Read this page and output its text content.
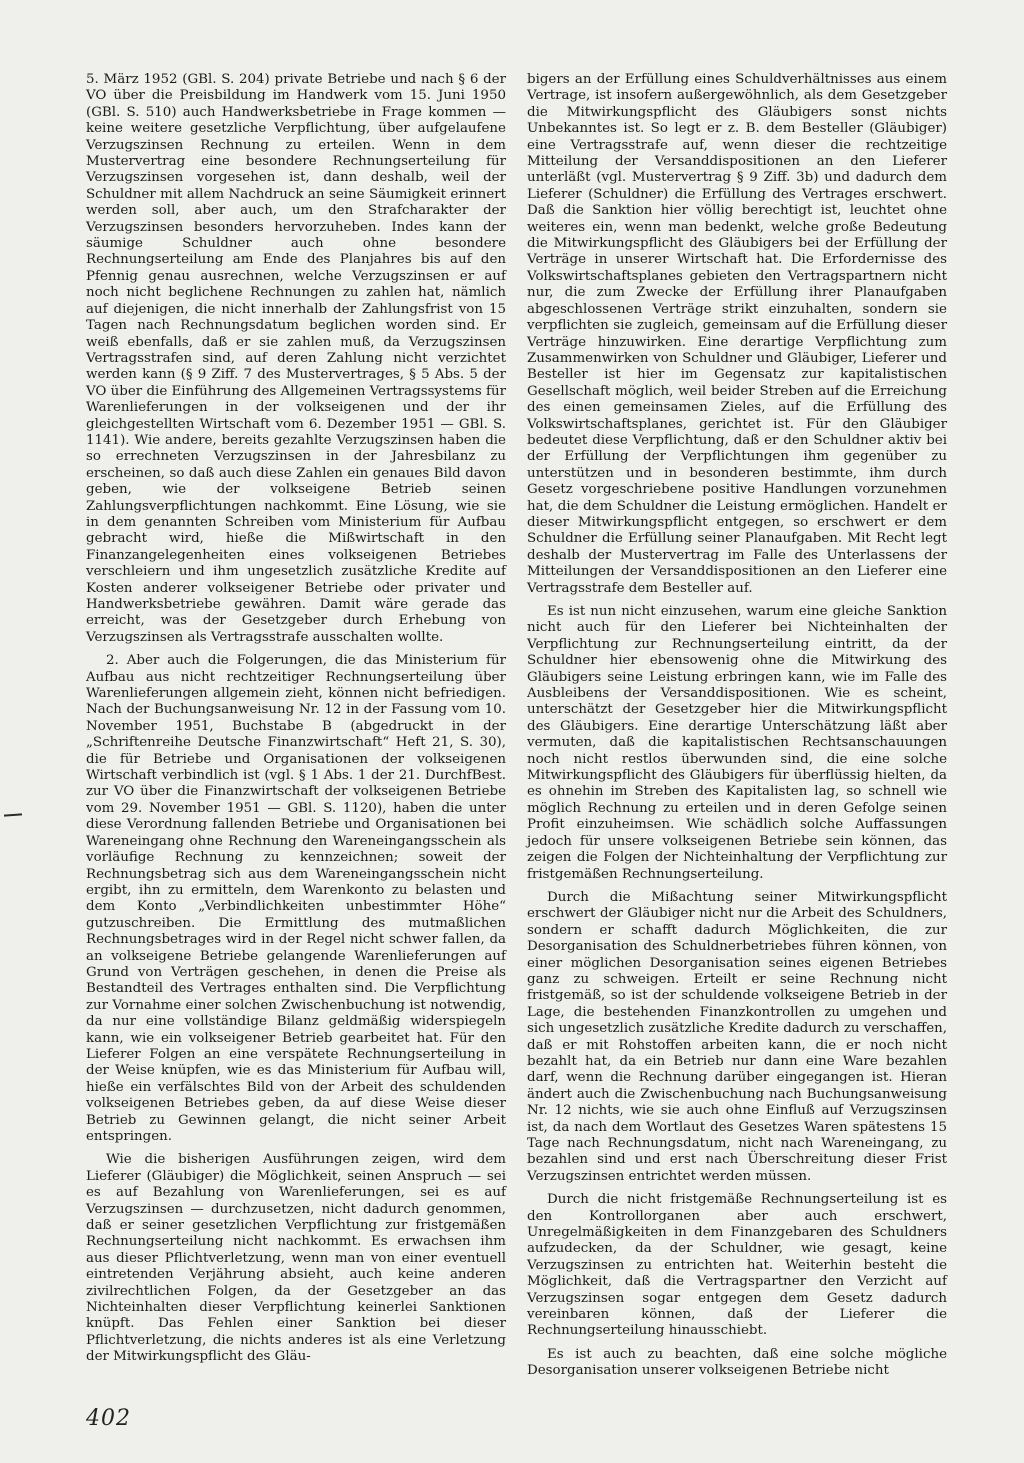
5. März 1952 (GBl. S. 204) private Betriebe und nach § 6 der VO über die Preisbildung im Handwerk vom 15. Juni 1950 (GBl. S. 510) auch Handwerksbetriebe in Frage kommen — keine weitere gesetzliche Verpflichtung, über aufgelaufene Verzugszinsen Rechnung zu erteilen. Wenn in dem Mustervertrag eine besondere Rechnungserteilung für Verzugszinsen vorgesehen ist, dann deshalb, weil der Schuldner mit allem Nachdruck an seine Säumigkeit erinnert werden soll, aber auch, um den Strafcharakter der Verzugszinsen besonders hervorzuheben. Indes kann der säumige Schuldner auch ohne besondere Rechnungserteilung am Ende des Planjahres bis auf den Pfennig genau ausrechnen, welche Verzugszinsen er auf noch nicht beglichene Rechnungen zu zahlen hat, nämlich auf diejenigen, die nicht innerhalb der Zahlungsfrist von 15 Tagen nach Rechnungsdatum beglichen worden sind. Er weiß ebenfalls, daß er sie zahlen muß, da Verzugszinsen Vertragsstrafen sind, auf deren Zahlung nicht verzichtet werden kann (§ 9 Ziff. 7 des Mustervertrages, § 5 Abs. 5 der VO über die Einführung des Allgemeinen Vertragssystems für Warenlieferungen in der volkseigenen und der ihr gleichgestellten Wirtschaft vom 6. Dezember 1951 — GBl. S. 1141). Wie andere, bereits gezahlte Verzugszinsen haben die so errechneten Verzugszinsen in der Jahresbilanz zu erscheinen, so daß auch diese Zahlen ein genaues Bild davon geben, wie der volkseigene Betrieb seinen Zahlungsverpflichtungen nachkommt. Eine Lösung, wie sie in dem genannten Schreiben vom Ministerium für Aufbau gebracht wird, hieße die Mißwirtschaft in den Finanzangelegenheiten eines volkseigenen Betriebes verschleiern und ihm ungesetzlich zusätzliche Kredite auf Kosten anderer volkseigener Betriebe oder privater und Handwerksbetriebe gewähren. Damit wäre gerade das erreicht, was der Gesetzgeber durch Erhebung von Verzugszinsen als Vertragsstrafe ausschalten wollte.

2. Aber auch die Folgerungen, die das Ministerium für Aufbau aus nicht rechtzeitiger Rechnungserteilung über Warenlieferungen allgemein zieht, können nicht befriedigen. Nach der Buchungsanweisung Nr. 12 in der Fassung vom 10. November 1951, Buchstabe B (abgedruckt in der „Schriftenreihe Deutsche Finanzwirtschaft“ Heft 21, S. 30), die für Betriebe und Organisationen der volkseigenen Wirtschaft verbindlich ist (vgl. § 1 Abs. 1 der 21. DurchfBest. zur VO über die Finanzwirtschaft der volkseigenen Betriebe vom 29. November 1951 — GBl. S. 1120), haben die unter diese Verordnung fallenden Betriebe und Organisationen bei Wareneingang ohne Rechnung den Wareneingangsschein als vorläufige Rechnung zu kennzeichnen; soweit der Rechnungsbetrag sich aus dem Wareneingangsschein nicht ergibt, ihn zu ermitteln, dem Warenkonto zu belasten und dem Konto „Verbindlichkeiten unbestimmter Höhe“ gutzuschreiben. Die Ermittlung des mutmaßlichen Rechnungsbetrages wird in der Regel nicht schwer fallen, da an volkseigene Betriebe gelangende Warenlieferungen auf Grund von Verträgen geschehen, in denen die Preise als Bestandteil des Vertrages enthalten sind. Die Verpflichtung zur Vornahme einer solchen Zwischenbuchung ist notwendig, da nur eine vollständige Bilanz geldmäßig widerspiegeln kann, wie ein volkseigener Betrieb gearbeitet hat. Für den Lieferer Folgen an eine verspätete Rechnungserteilung in der Weise knüpfen, wie es das Ministerium für Aufbau will, hieße ein verfälschtes Bild von der Arbeit des schuldenden volkseigenen Betriebes geben, da auf diese Weise dieser Betrieb zu Gewinnen gelangt, die nicht seiner Arbeit entspringen.

Wie die bisherigen Ausführungen zeigen, wird dem Lieferer (Gläubiger) die Möglichkeit, seinen Anspruch — sei es auf Bezahlung von Warenlieferungen, sei es auf Verzugszinsen — durchzusetzen, nicht dadurch genommen, daß er seiner gesetzlichen Verpflichtung zur fristgemäßen Rechnungserteilung nicht nachkommt. Es erwachsen ihm aus dieser Pflichtverletzung, wenn man von einer eventuell eintretenden Verjährung absieht, auch keine anderen zivilrechtlichen Folgen, da der Gesetzgeber an das Nichteinhalten dieser Verpflichtung keinerlei Sanktionen knüpft. Das Fehlen einer Sanktion bei dieser Pflichtverletzung, die nichts anderes ist als eine Verletzung der Mitwirkungspflicht des Gläu-

bigers an der Erfüllung eines Schuldverhältnisses aus einem Vertrage, ist insofern außergewöhnlich, als dem Gesetzgeber die Mitwirkungspflicht des Gläubigers sonst nichts Unbekanntes ist. So legt er z. B. dem Besteller (Gläubiger) eine Vertragsstrafe auf, wenn dieser die rechtzeitige Mitteilung der Versanddispositionen an den Lieferer unterläßt (vgl. Mustervertrag § 9 Ziff. 3b) und dadurch dem Lieferer (Schuldner) die Erfüllung des Vertrages erschwert. Daß die Sanktion hier völlig berechtigt ist, leuchtet ohne weiteres ein, wenn man bedenkt, welche große Bedeutung die Mitwirkungspflicht des Gläubigers bei der Erfüllung der Verträge in unserer Wirtschaft hat. Die Erfordernisse des Volkswirtschaftsplanes gebieten den Vertragspartnern nicht nur, die zum Zwecke der Erfüllung ihrer Planaufgaben abgeschlossenen Verträge strikt einzuhalten, sondern sie verpflichten sie zugleich, gemeinsam auf die Erfüllung dieser Verträge hinzuwirken. Eine derartige Verpflichtung zum Zusammenwirken von Schuldner und Gläubiger, Lieferer und Besteller ist hier im Gegensatz zur kapitalistischen Gesellschaft möglich, weil beider Streben auf die Erreichung des einen gemeinsamen Zieles, auf die Erfüllung des Volkswirtschaftsplanes, gerichtet ist. Für den Gläubiger bedeutet diese Verpflichtung, daß er den Schuldner aktiv bei der Erfüllung der Verpflichtungen ihm gegenüber zu unterstützen und in besonderen bestimmte, ihm durch Gesetz vorgeschriebene positive Handlungen vorzunehmen hat, die dem Schuldner die Leistung ermöglichen. Handelt er dieser Mitwirkungspflicht entgegen, so erschwert er dem Schuldner die Erfüllung seiner Planaufgaben. Mit Recht legt deshalb der Mustervertrag im Falle des Unterlassens der Mitteilungen der Versanddispositionen an den Lieferer eine Vertragsstrafe dem Besteller auf.

Es ist nun nicht einzusehen, warum eine gleiche Sanktion nicht auch für den Lieferer bei Nichteinhalten der Verpflichtung zur Rechnungserteilung eintritt, da der Schuldner hier ebensowenig ohne die Mitwirkung des Gläubigers seine Leistung erbringen kann, wie im Falle des Ausbleibens der Versanddispositionen. Wie es scheint, unterschätzt der Gesetzgeber hier die Mitwirkungspflicht des Gläubigers. Eine derartige Unterschätzung läßt aber vermuten, daß die kapitalistischen Rechtsanschauungen noch nicht restlos überwunden sind, die eine solche Mitwirkungspflicht des Gläubigers für überflüssig hielten, da es ohnehin im Streben des Kapitalisten lag, so schnell wie möglich Rechnung zu erteilen und in deren Gefolge seinen Profit einzuheimsen. Wie schädlich solche Auffassungen jedoch für unsere volkseigenen Betriebe sein können, das zeigen die Folgen der Nichteinhaltung der Verpflichtung zur fristgemäßen Rechnungserteilung.

Durch die Mißachtung seiner Mitwirkungspflicht erschwert der Gläubiger nicht nur die Arbeit des Schuldners, sondern er schafft dadurch Möglichkeiten, die zur Desorganisation des Schuldnerbetriebes führen können, von einer möglichen Desorganisation seines eigenen Betriebes ganz zu schweigen. Erteilt er seine Rechnung nicht fristgemäß, so ist der schuldende volkseigene Betrieb in der Lage, die bestehenden Finanzkontrollen zu umgehen und sich ungesetzlich zusätzliche Kredite dadurch zu verschaffen, daß er mit Rohstoffen arbeiten kann, die er noch nicht bezahlt hat, da ein Betrieb nur dann eine Ware bezahlen darf, wenn die Rechnung darüber eingegangen ist. Hieran ändert auch die Zwischenbuchung nach Buchungsanweisung Nr. 12 nichts, wie sie auch ohne Einfluß auf Verzugszinsen ist, da nach dem Wortlaut des Gesetzes Waren spätestens 15 Tage nach Rechnungsdatum, nicht nach Wareneingang, zu bezahlen sind und erst nach Überschreitung dieser Frist Verzugszinsen entrichtet werden müssen.

Durch die nicht fristgemäße Rechnungserteilung ist es den Kontrollorganen aber auch erschwert, Unregelmäßigkeiten in dem Finanzgebaren des Schuldners aufzudecken, da der Schuldner, wie gesagt, keine Verzugszinsen zu entrichten hat. Weiterhin besteht die Möglichkeit, daß die Vertragspartner den Verzicht auf Verzugszinsen sogar entgegen dem Gesetz dadurch vereinbaren können, daß der Lieferer die Rechnungserteilung hinausschiebt.

Es ist auch zu beachten, daß eine solche mögliche Desorganisation unserer volkseigenen Betriebe nicht

402
